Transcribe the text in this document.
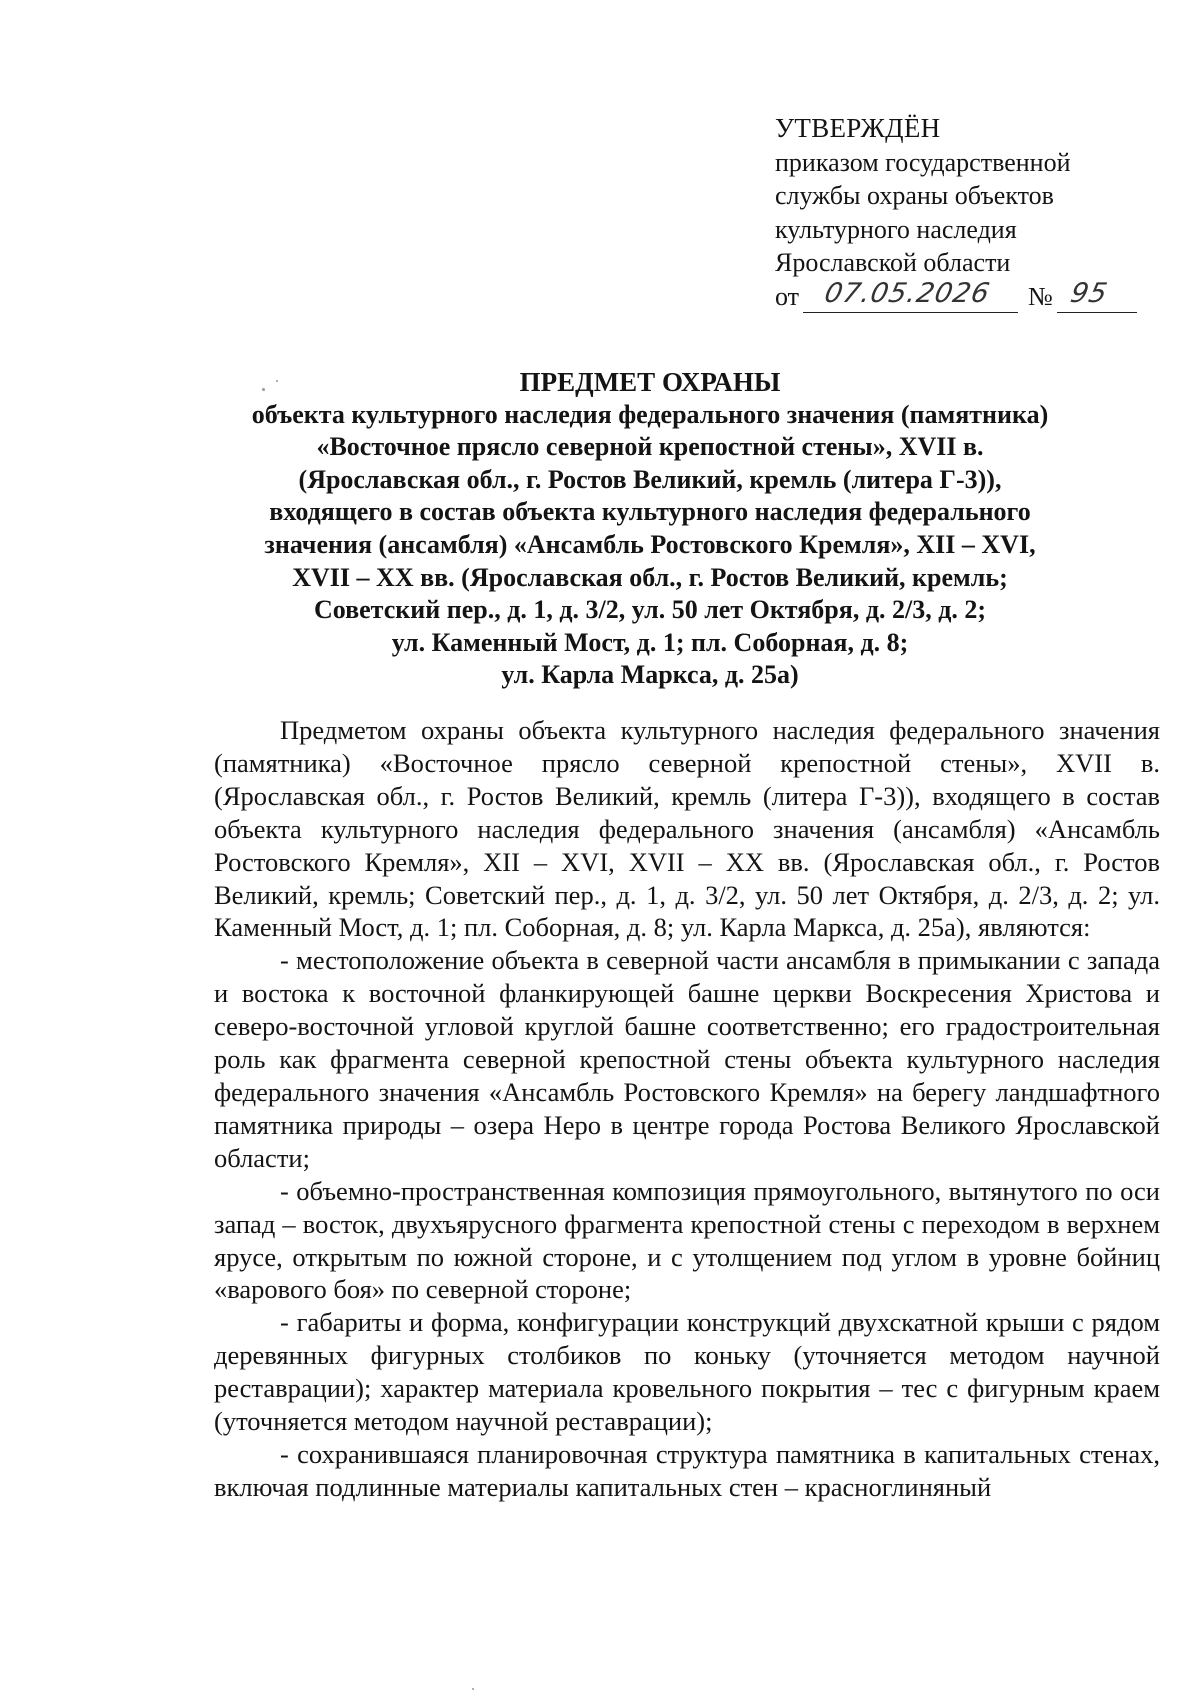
УТВЕРЖДЁН
приказом государственной
службы охраны объектов
культурного наследия
Ярославской области
от 07.05.2026 № 95
ПРЕДМЕТ ОХРАНЫ
объекта культурного наследия федерального значения (памятника)
«Восточное прясло северной крепостной стены», XVII в.
(Ярославская обл., г. Ростов Великий, кремль (литера Г-3)),
входящего в состав объекта культурного наследия федерального
значения (ансамбля) «Ансамбль Ростовского Кремля», XII – XVI,
XVII – XX вв. (Ярославская обл., г. Ростов Великий, кремль;
Советский пер., д. 1, д. 3/2, ул. 50 лет Октября, д. 2/3, д. 2;
ул. Каменный Мост, д. 1; пл. Соборная, д. 8;
ул. Карла Маркса, д. 25а)

Предметом охраны объекта культурного наследия федерального значения (памятника) «Восточное прясло северной крепостной стены», XVII в. (Ярославская обл., г. Ростов Великий, кремль (литера Г-3)), входящего в состав объекта культурного наследия федерального значения (ансамбля) «Ансамбль Ростовского Кремля», XII – XVI, XVII – XX вв. (Ярославская обл., г. Ростов Великий, кремль; Советский пер., д. 1, д. 3/2, ул. 50 лет Октября, д. 2/3, д. 2; ул. Каменный Мост, д. 1; пл. Соборная, д. 8; ул. Карла Маркса, д. 25а), являются:

- местоположение объекта в северной части ансамбля в примыкании с запада и востока к восточной фланкирующей башне церкви Воскресения Христова и северо-восточной угловой круглой башне соответственно; его градостроительная роль как фрагмента северной крепостной стены объекта культурного наследия федерального значения «Ансамбль Ростовского Кремля» на берегу ландшафтного памятника природы – озера Неро в центре города Ростова Великого Ярославской области;

- объемно-пространственная композиция прямоугольного, вытянутого по оси запад – восток, двухъярусного фрагмента крепостной стены с переходом в верхнем ярусе, открытым по южной стороне, и с утолщением под углом в уровне бойниц «варового боя» по северной стороне;

- габариты и форма, конфигурации конструкций двухскатной крыши с рядом деревянных фигурных столбиков по коньку (уточняется методом научной реставрации); характер материала кровельного покрытия – тес с фигурным краем (уточняется методом научной реставрации);

- сохранившаяся планировочная структура памятника в капитальных стенах, включая подлинные материалы капитальных стен – красноглиняный
